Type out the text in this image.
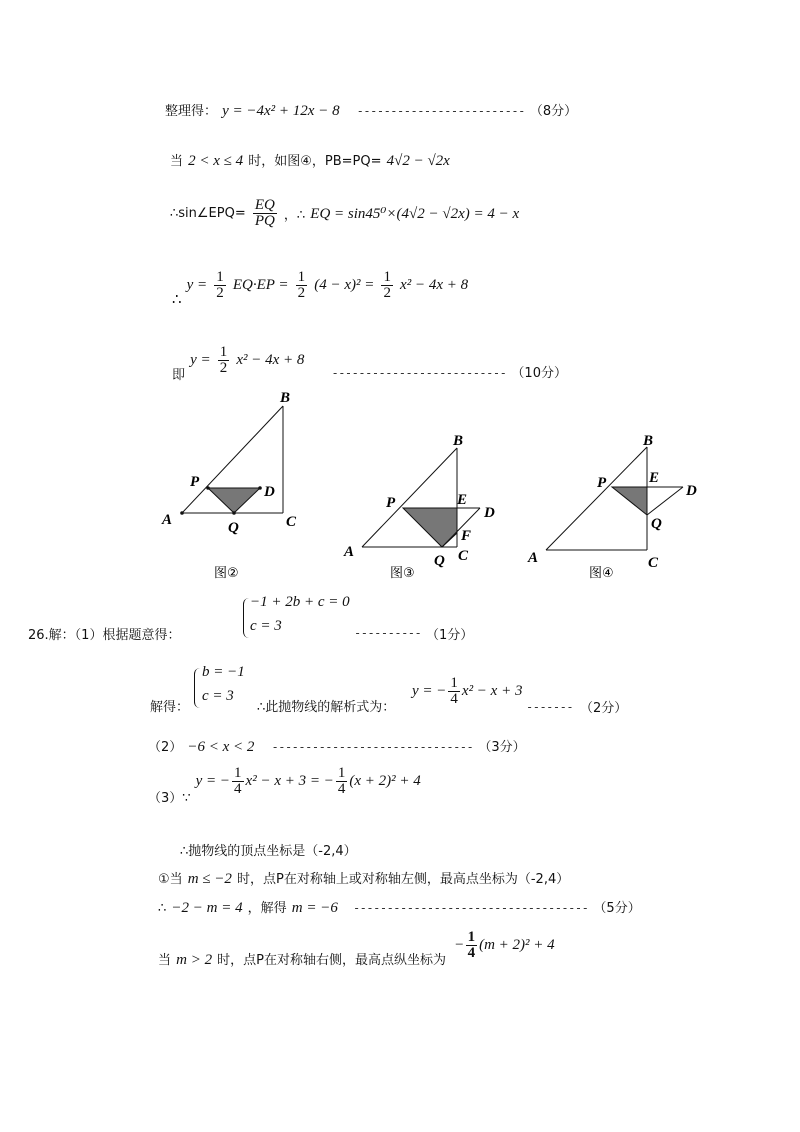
整理得： y = −4x² + 12x − 8 ------------------------- （8分）
当 2 < x ≤ 4 时，如图④，PB=PQ= 4√2 − √2x
∴sin∠EPQ= $\frac{EQ}{PQ}$ ，∴ EQ = sin45⁰×(4√2 − √2x) = 4 − x
∴ $y = \frac{1}{2} EQ\cdot EP = \frac{1}{2} (4 - x)^2 = \frac{1}{2} x^2 - 4x + 8$
$_即$ $y = \frac{1}{2} x^2 - 4x + 8$ $_{--------------------------}$ $_{(10分)}$
B
P
D
A	Q	C
图②
B
P	E
D
A
F
Q C
图③
B
P	E
D
Q
A	C
图④
26.解：（1）根据题意得：
−1 + 2b + c = 0
c = 3	---------- （1分）
解得：
b = −1
c = 3
∴此抛物线的解析式为：
y = − $\frac{1}{4} x^2 - x + 3$
------- （2分）
（2） −6 < x < 2 ------------------------------ （3分）
$_{(3)\because}$ y = − $\frac{1}{4} x^2 - x + 3$ = − $\frac{1}{4} (x + 2)^2 + 4$
∴抛物线的顶点坐标是（-2,4）
①当 m ≤ −2 时，点P在对称轴上或对称轴左侧，最高点坐标为（-2,4）
∴ −2 − m = 4 ，解得 m = −6 ----------------------------------- （5分）
$_当$ m > 2 $_{时,点P在对称轴右侧,最高点纵坐标为} - \frac{1}{4} (m + 2)^2 + 4$
